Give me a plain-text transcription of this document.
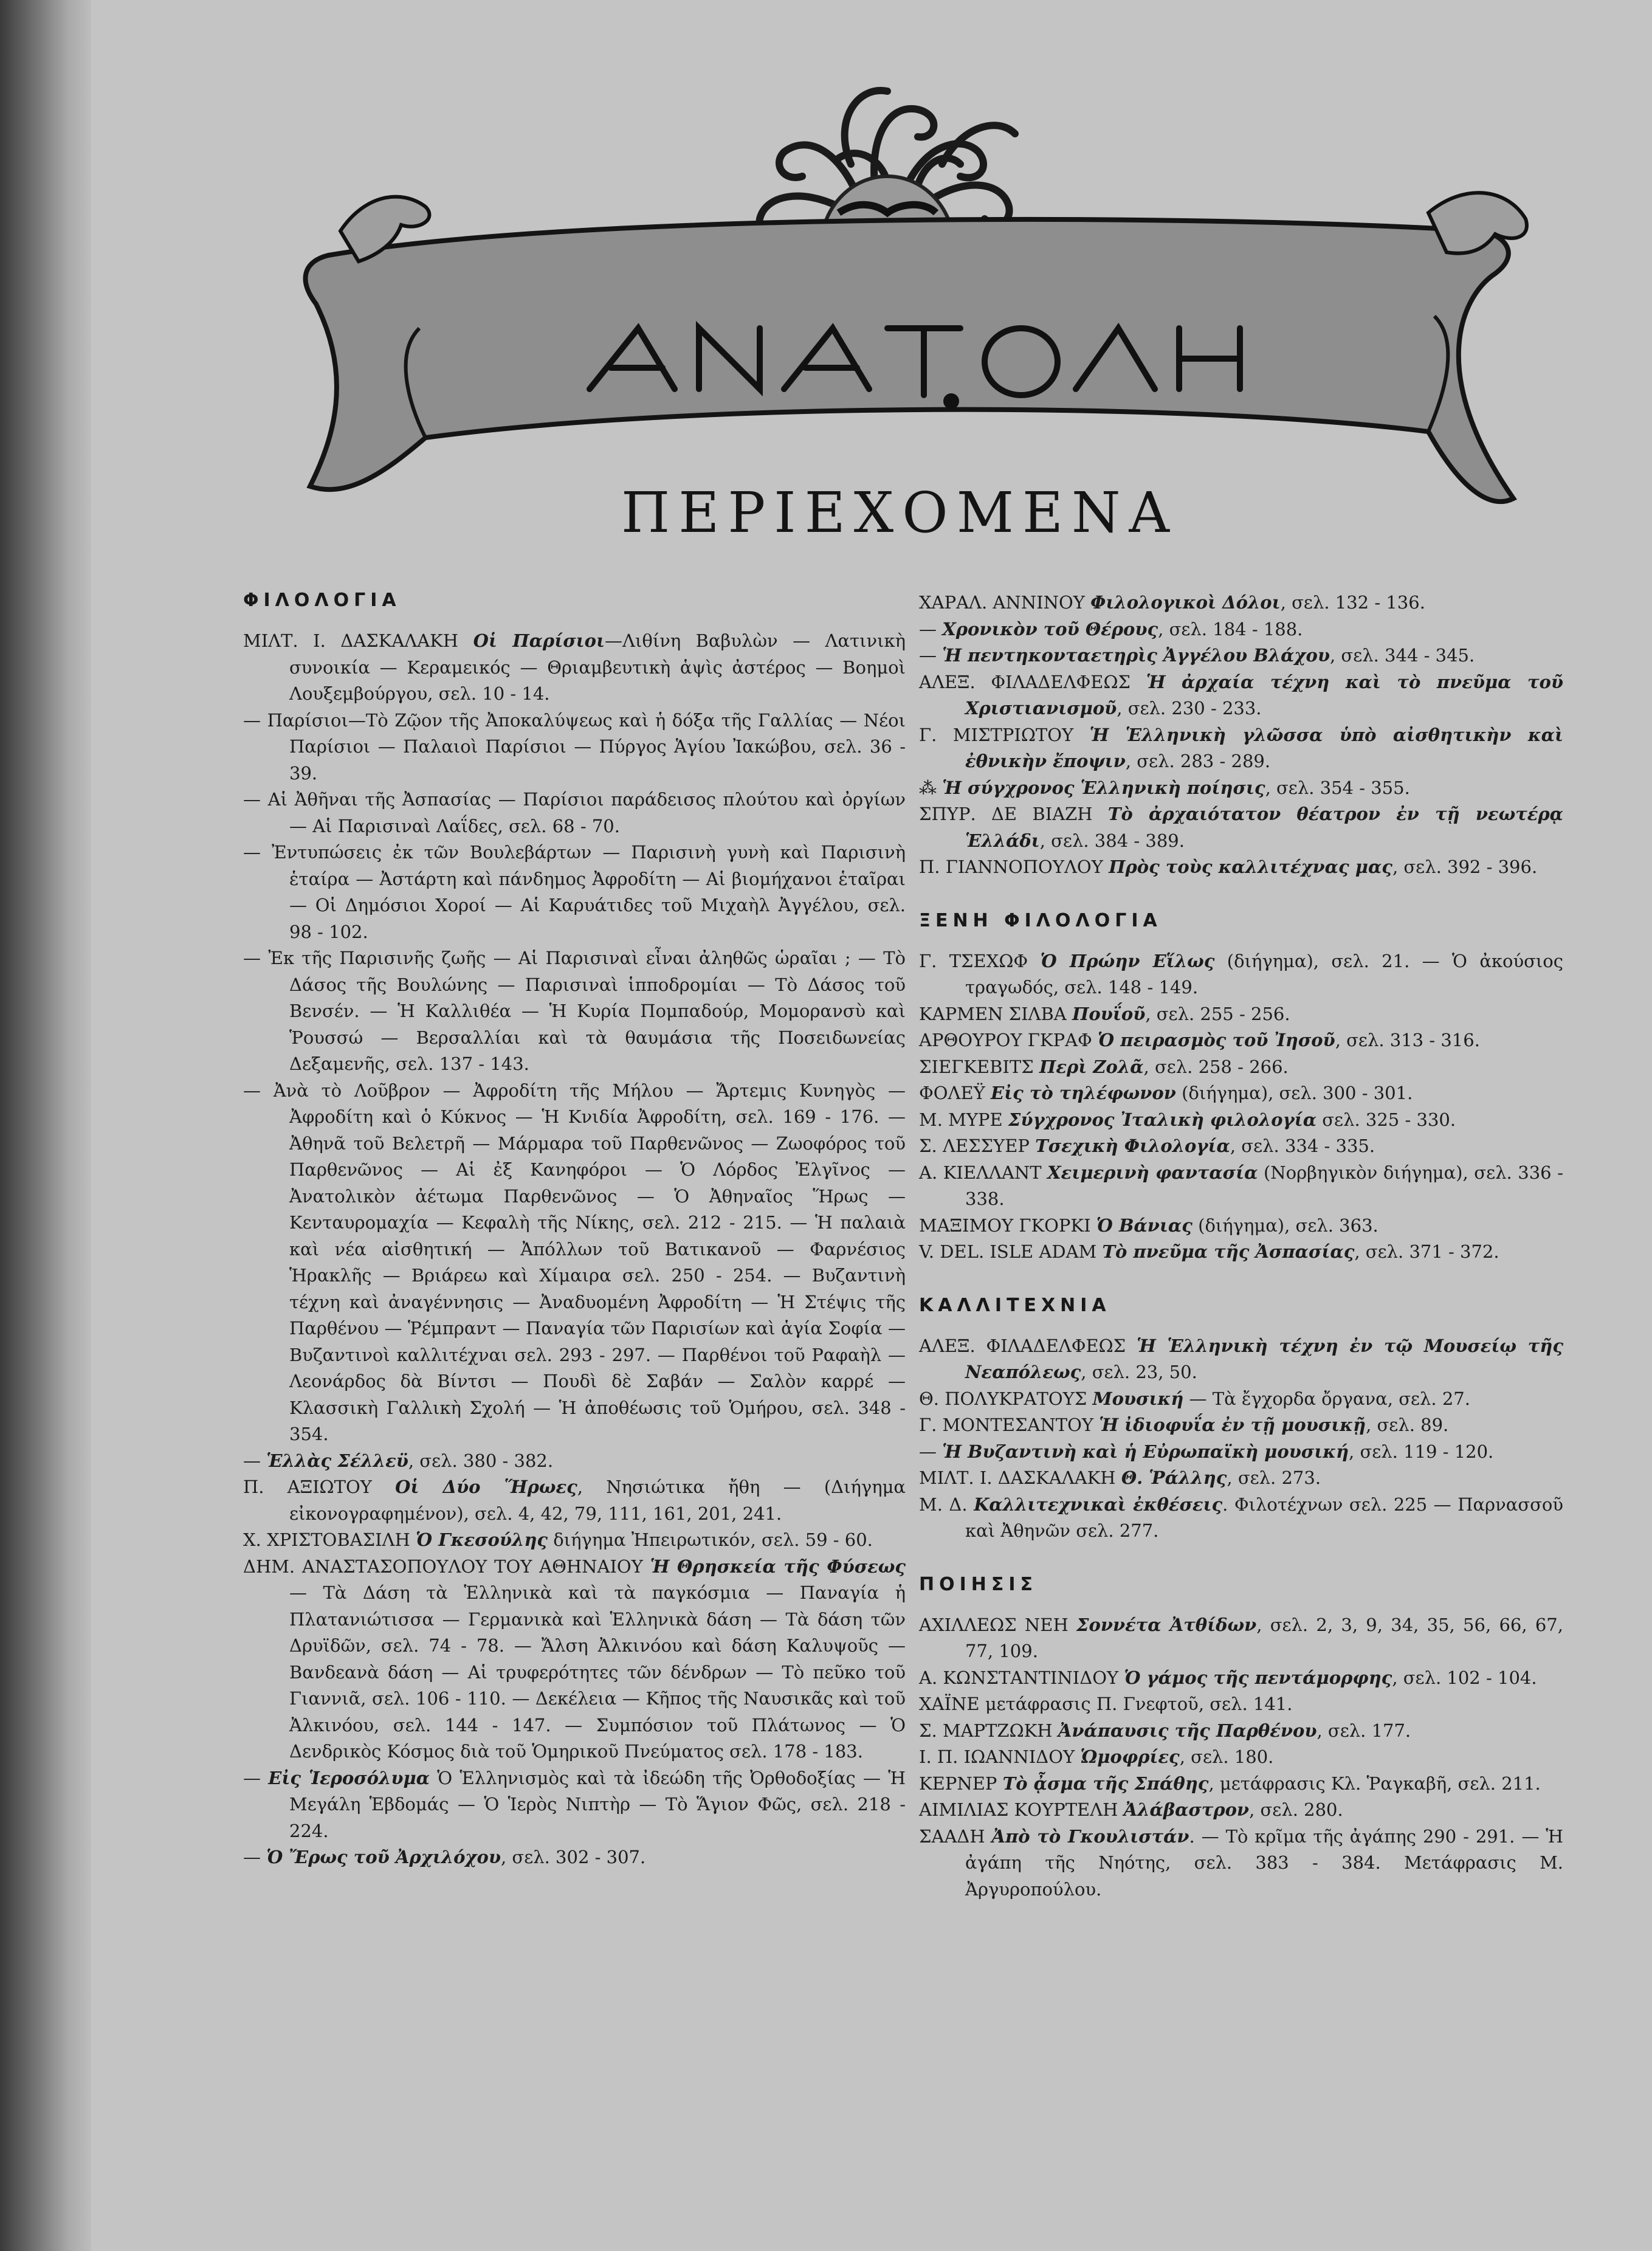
ΠΕΡΙΕΧΟΜΕΝΑ
ΦΙΛΟΛΟΓΙΑ

ΜΙΛΤ. Ι. ΔΑΣΚΑΛΑΚΗ Οἱ Παρίσιοι—Λιθίνη Βαβυλὼν — Λατινικὴ συνοικία — Κεραμεικός — Θριαμβευτικὴ ἁψὶς ἀστέρος — Βοημοὶ Λουξεμβούργου, σελ. 10 - 14.

— Παρίσιοι—Τὸ Ζῷον τῆς Ἀποκαλύψεως καὶ ἡ δόξα τῆς Γαλλίας — Νέοι Παρίσιοι — Παλαιοὶ Παρίσιοι — Πύργος Ἁγίου Ἰακώβου, σελ. 36 - 39.

— Αἱ Ἀθῆναι τῆς Ἀσπασίας — Παρίσιοι παράδεισος πλούτου καὶ ὀργίων — Αἱ Παρισιναὶ Λαΐδες, σελ. 68 - 70.

— Ἐντυπώσεις ἐκ τῶν Βουλεβάρτων — Παρισινὴ γυνὴ καὶ Παρισινὴ ἑταίρα — Ἀστάρτη καὶ πάνδημος Ἀφροδίτη — Αἱ βιομήχανοι ἑταῖραι — Οἱ Δημόσιοι Χοροί — Αἱ Καρυάτιδες τοῦ Μιχαὴλ Ἀγγέλου, σελ. 98 - 102.

— Ἐκ τῆς Παρισινῆς ζωῆς — Αἱ Παρισιναὶ εἶναι ἀληθῶς ὡραῖαι ; — Τὸ Δάσος τῆς Βουλώνης — Παρισιναὶ ἱπποδρομίαι — Τὸ Δάσος τοῦ Βενσέν. — Ἡ Καλλιθέα — Ἡ Κυρία Πομπαδούρ, Μομορανσὺ καὶ Ῥουσσώ — Βερσαλλίαι καὶ τὰ θαυμάσια τῆς Ποσειδωνείας Δεξαμενῆς, σελ. 137 - 143.

— Ἀνὰ τὸ Λοῦβρον — Ἀφροδίτη τῆς Μήλου — Ἄρτεμις Κυνηγὸς — Ἀφροδίτη καὶ ὁ Κύκνος — Ἡ Κνιδία Ἀφροδίτη, σελ. 169 - 176. — Ἀθηνᾶ τοῦ Βελετρῆ — Μάρμαρα τοῦ Παρθενῶνος — Ζωοφόρος τοῦ Παρθενῶνος — Αἱ ἐξ Κανηφόροι — Ὁ Λόρδος Ἐλγῖνος — Ἀνατολικὸν ἀέτωμα Παρθενῶνος — Ὁ Ἀθηναῖος Ἥρως — Κενταυρομαχία — Κεφαλὴ τῆς Νίκης, σελ. 212 - 215. — Ἡ παλαιὰ καὶ νέα αἰσθητική — Ἀπόλλων τοῦ Βατικανοῦ — Φαρνέσιος Ἡρακλῆς — Βριάρεω καὶ Χίμαιρα σελ. 250 - 254. — Βυζαντινὴ τέχνη καὶ ἀναγέννησις — Ἀναδυομένη Ἀφροδίτη — Ἡ Στέψις τῆς Παρθένου — Ῥέμπραντ — Παναγία τῶν Παρισίων καὶ ἁγία Σοφία — Βυζαντινοὶ καλλιτέχναι σελ. 293 - 297. — Παρθένοι τοῦ Ραφαὴλ — Λεονάρδος δὰ Βίντσι — Πουδὶ δὲ Σαβάν — Σαλὸν καρρέ — Κλασσικὴ Γαλλικὴ Σχολή — Ἡ ἀποθέωσις τοῦ Ὁμήρου, σελ. 348 - 354.

— Ἑλλὰς Σέλλεϋ, σελ. 380 - 382.

Π. ΑΞΙΩΤΟΥ Οἱ Δύο Ἥρωες, Νησιώτικα ἤθη — (Διήγημα εἰκονογραφημένον), σελ. 4, 42, 79, 111, 161, 201, 241.

Χ. ΧΡΙΣΤΟΒΑΣΙΛΗ Ὁ Γκεσούλης διήγημα Ἠπειρωτικόν, σελ. 59 - 60.

ΔΗΜ. ΑΝΑΣΤΑΣΟΠΟΥΛΟΥ ΤΟΥ ΑΘΗΝΑΙΟΥ Ἡ Θρησκεία τῆς Φύσεως — Τὰ Δάση τὰ Ἑλληνικὰ καὶ τὰ παγκόσμια — Παναγία ἡ Πλατανιώτισσα — Γερμανικὰ καὶ Ἑλληνικὰ δάση — Τὰ δάση τῶν Δρυϊδῶν, σελ. 74 - 78. — Ἄλση Ἀλκινόου καὶ δάση Καλυψοῦς — Βανδεανὰ δάση — Αἱ τρυφερότητες τῶν δένδρων — Τὸ πεῦκο τοῦ Γιαννιᾶ, σελ. 106 - 110. — Δεκέλεια — Κῆπος τῆς Ναυσικᾶς καὶ τοῦ Ἀλκινόου, σελ. 144 - 147. — Συμπόσιον τοῦ Πλάτωνος — Ὁ Δενδρικὸς Κόσμος διὰ τοῦ Ὁμηρικοῦ Πνεύματος σελ. 178 - 183.

— Εἰς Ἱεροσόλυμα Ὁ Ἑλληνισμὸς καὶ τὰ ἰδεώδη τῆς Ὀρθοδοξίας — Ἡ Μεγάλη Ἑβδομάς — Ὁ Ἱερὸς Νιπτὴρ — Τὸ Ἅγιον Φῶς, σελ. 218 - 224.

— Ὁ Ἔρως τοῦ Ἀρχιλόχου, σελ. 302 - 307.

ΧΑΡΑΛ. ΑΝΝΙΝΟΥ Φιλολογικοὶ Δόλοι, σελ. 132 - 136.

— Χρονικὸν τοῦ Θέρους, σελ. 184 - 188.

— Ἡ πεντηκονταετηρὶς Ἀγγέλου Βλάχου, σελ. 344 - 345.

ΑΛΕΞ. ΦΙΛΑΔΕΛΦΕΩΣ Ἡ ἀρχαία τέχνη καὶ τὸ πνεῦμα τοῦ Χριστιανισμοῦ, σελ. 230 - 233.

Γ. ΜΙΣΤΡΙΩΤΟΥ Ἡ Ἑλληνικὴ γλῶσσα ὑπὸ αἰσθητικὴν καὶ ἐθνικὴν ἔποψιν, σελ. 283 - 289.

⁂ Ἡ σύγχρονος Ἑλληνικὴ ποίησις, σελ. 354 - 355.

ΣΠΥΡ. ΔΕ ΒΙΑΖΗ Τὸ ἀρχαιότατον θέατρον ἐν τῇ νεωτέρᾳ Ἑλλάδι, σελ. 384 - 389.

Π. ΓΙΑΝΝΟΠΟΥΛΟΥ Πρὸς τοὺς καλλιτέχνας μας, σελ. 392 - 396.

ΞΕΝΗ ΦΙΛΟΛΟΓΙΑ

Γ. ΤΣΕΧΩΦ Ὁ Πρώην Εἵλως (διήγημα), σελ. 21. — Ὁ ἀκούσιος τραγωδός, σελ. 148 - 149.

ΚΑΡΜΕΝ ΣΙΛΒΑ Πουΐοῦ, σελ. 255 - 256.

ΑΡΘΟΥΡΟΥ ΓΚΡΑΦ Ὁ πειρασμὸς τοῦ Ἰησοῦ, σελ. 313 - 316.

ΣΙΕΓΚΕΒΙΤΣ Περὶ Ζολᾶ, σελ. 258 - 266.

ΦΟΛΕΫ Εἰς τὸ τηλέφωνον (διήγημα), σελ. 300 - 301.

Μ. ΜΥΡΕ Σύγχρονος Ἰταλικὴ φιλολογία σελ. 325 - 330.

Σ. ΛΕΣΣΥΕΡ Τσεχικὴ Φιλολογία, σελ. 334 - 335.

Α. ΚΙΕΛΛΑΝΤ Χειμερινὴ φαντασία (Νορβηγικὸν διήγημα), σελ. 336 - 338.

ΜΑΞΙΜΟΥ ΓΚΟΡΚΙ Ὁ Βάνιας (διήγημα), σελ. 363.

V. DEL. ISLE ADAM Τὸ πνεῦμα τῆς Ἀσπασίας, σελ. 371 - 372.

ΚΑΛΛΙΤΕΧΝΙΑ

ΑΛΕΞ. ΦΙΛΑΔΕΛΦΕΩΣ Ἡ Ἑλληνικὴ τέχνη ἐν τῷ Μουσείῳ τῆς Νεαπόλεως, σελ. 23, 50.

Θ. ΠΟΛΥΚΡΑΤΟΥΣ Μουσική — Τὰ ἔγχορδα ὄργανα, σελ. 27.

Γ. ΜΟΝΤΕΣΑΝΤΟΥ Ἡ ἰδιοφυΐα ἐν τῇ μουσικῇ, σελ. 89.

— Ἡ Βυζαντινὴ καὶ ἡ Εὐρωπαϊκὴ μουσική, σελ. 119 - 120.

ΜΙΛΤ. Ι. ΔΑΣΚΑΛΑΚΗ Θ. Ῥάλλης, σελ. 273.

Μ. Δ. Καλλιτεχνικαὶ ἐκθέσεις. Φιλοτέχνων σελ. 225 — Παρνασσοῦ καὶ Ἀθηνῶν σελ. 277.

ΠΟΙΗΣΙΣ

ΑΧΙΛΛΕΩΣ ΝΕΗ Σοννέτα Ἀτθίδων, σελ. 2, 3, 9, 34, 35, 56, 66, 67, 77, 109.

Α. ΚΩΝΣΤΑΝΤΙΝΙΔΟΥ Ὁ γάμος τῆς πεντάμορφης, σελ. 102 - 104.

ΧΑΪΝΕ μετάφρασις Π. Γνεφτοῦ, σελ. 141.

Σ. ΜΑΡΤΖΩΚΗ Ἀνάπαυσις τῆς Παρθένου, σελ. 177.

Ι. Π. ΙΩΑΝΝΙΔΟΥ Ὡμοφρίες, σελ. 180.

ΚΕΡΝΕΡ Τὸ ᾆσμα τῆς Σπάθης, μετάφρασις Κλ. Ῥαγκαβῆ, σελ. 211.

ΑΙΜΙΛΙΑΣ ΚΟΥΡΤΕΛΗ Ἀλάβαστρον, σελ. 280.

ΣΑΑΔΗ Ἀπὸ τὸ Γκουλιστάν. — Τὸ κρῖμα τῆς ἀγάπης 290 - 291. — Ἡ ἀγάπη τῆς Νηότης, σελ. 383 - 384. Μετάφρασις Μ. Ἀργυροπούλου.
